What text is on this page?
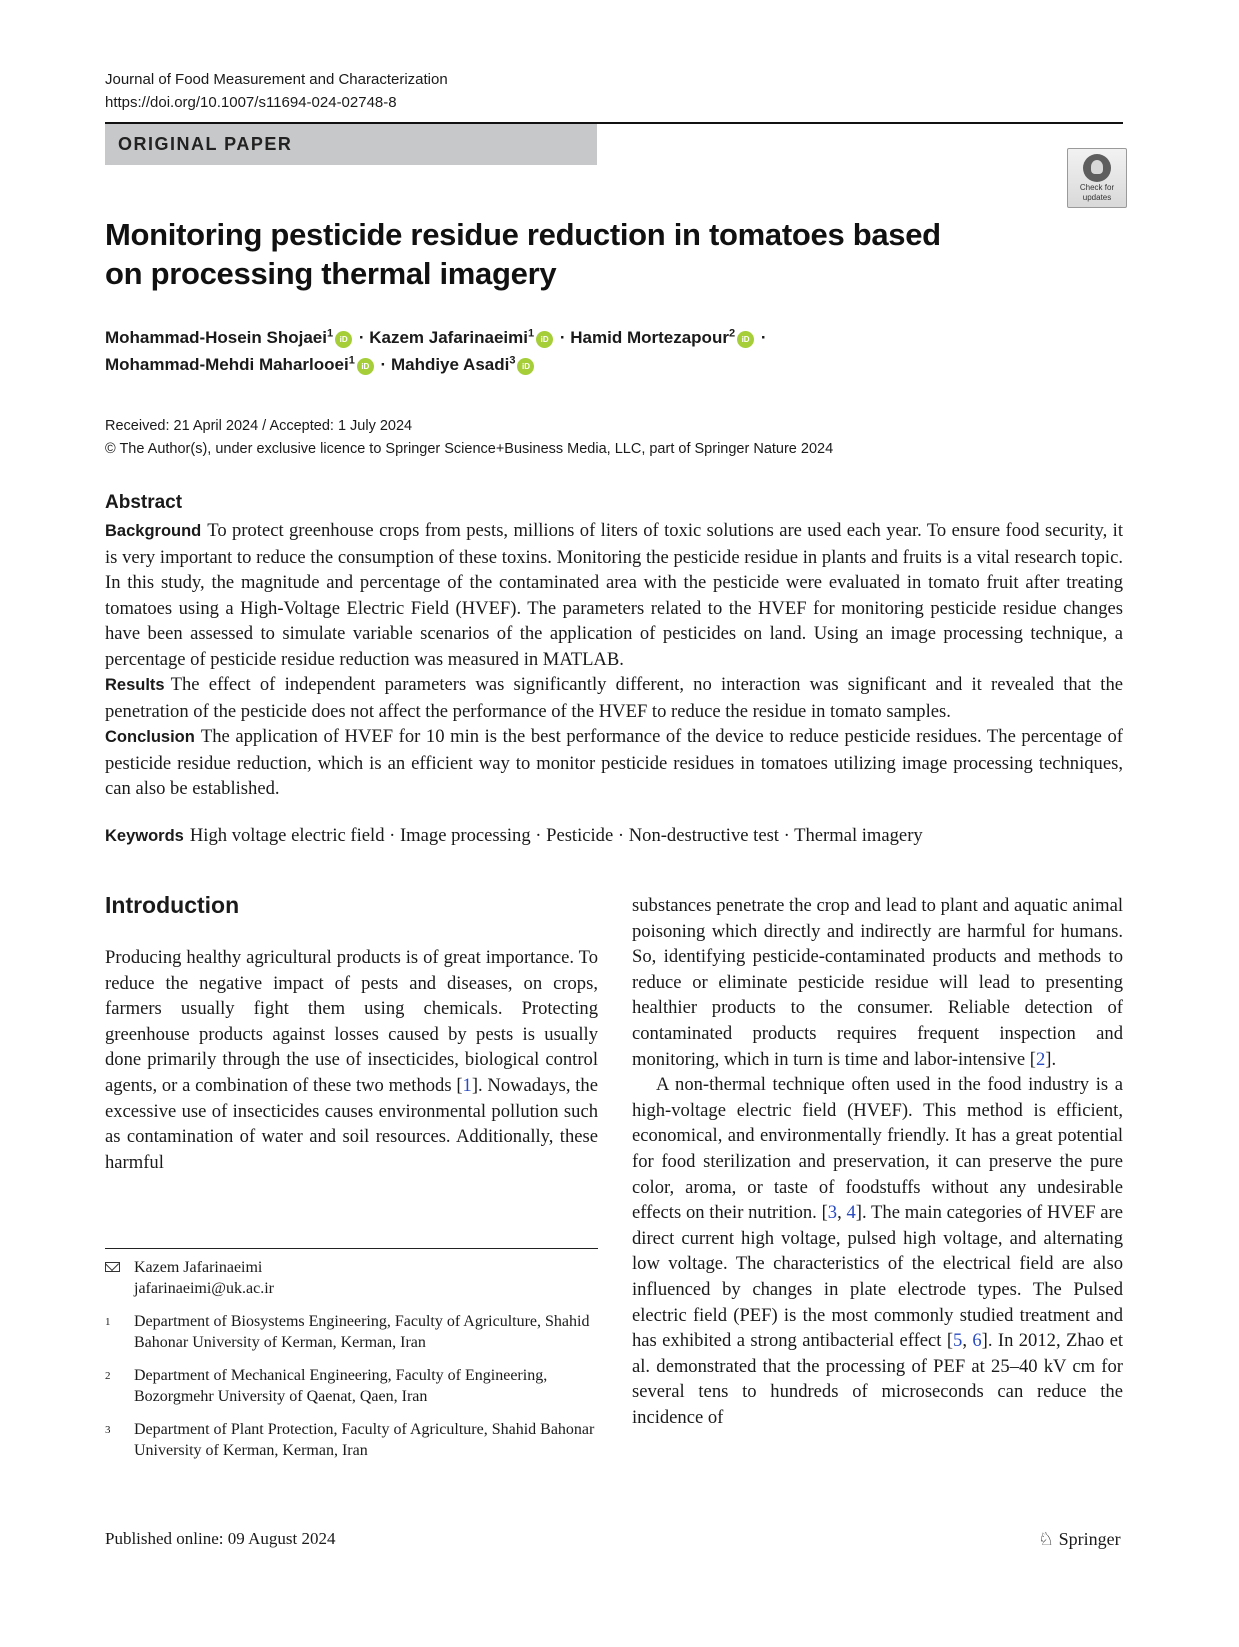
Journal of Food Measurement and Characterization
https://doi.org/10.1007/s11694-024-02748-8
ORIGINAL PAPER
Check for
updates
Monitoring pesticide residue reduction in tomatoes based on processing thermal imagery
Mohammad-Hosein Shojaei$^1$iD · Kazem Jafarinaeimi$^1$iD · Hamid Mortezapour$^2$iD ·
Mohammad-Mehdi Maharlooei$^1$iD · Mahdiye Asadi$^3$iD
Received: 21 April 2024 / Accepted: 1 July 2024
© The Author(s), under exclusive licence to Springer Science+Business Media, LLC, part of Springer Nature 2024
Abstract

Background To protect greenhouse crops from pests, millions of liters of toxic solutions are used each year. To ensure food security, it is very important to reduce the consumption of these toxins. Monitoring the pesticide residue in plants and fruits is a vital research topic. In this study, the magnitude and percentage of the contaminated area with the pesticide were evaluated in tomato fruit after treating tomatoes using a High-Voltage Electric Field (HVEF). The parameters related to the HVEF for monitoring pesticide residue changes have been assessed to simulate variable scenarios of the application of pesticides on land. Using an image processing technique, a percentage of pesticide residue reduction was measured in MATLAB.

Results The effect of independent parameters was significantly different, no interaction was significant and it revealed that the penetration of the pesticide does not affect the performance of the HVEF to reduce the residue in tomato samples.

Conclusion The application of HVEF for 10 min is the best performance of the device to reduce pesticide residues. The percentage of pesticide residue reduction, which is an efficient way to monitor pesticide residues in tomatoes utilizing image processing techniques, can also be established.

Keywords High voltage electric field · Image processing · Pesticide · Non-destructive test · Thermal imagery
Introduction
Producing healthy agricultural products is of great importance. To reduce the negative impact of pests and diseases, on crops, farmers usually fight them using chemicals. Protecting greenhouse products against losses caused by pests is usually done primarily through the use of insecticides, biological control agents, or a combination of these two methods [1]. Nowadays, the excessive use of insecticides causes environmental pollution such as contamination of water and soil resources. Additionally, these harmful

substances penetrate the crop and lead to plant and aquatic animal poisoning which directly and indirectly are harmful for humans. So, identifying pesticide-contaminated products and methods to reduce or eliminate pesticide residue will lead to presenting healthier products to the consumer. Reliable detection of contaminated products requires frequent inspection and monitoring, which in turn is time and labor-intensive [2].

A non-thermal technique often used in the food industry is a high-voltage electric field (HVEF). This method is efficient, economical, and environmentally friendly. It has a great potential for food sterilization and preservation, it can preserve the pure color, aroma, or taste of foodstuffs without any undesirable effects on their nutrition. [3, 4]. The main categories of HVEF are direct current high voltage, pulsed high voltage, and alternating low voltage. The characteristics of the electrical field are also influenced by changes in plate electrode types. The Pulsed electric field (PEF) is the most commonly studied treatment and has exhibited a strong antibacterial effect [5, 6]. In 2012, Zhao et al. demonstrated that the processing of PEF at 25–40 kV cm for several tens to hundreds of microseconds can reduce the incidence of

Kazem Jafarinaeimi
jafarinaeimi@uk.ac.ir
1 Department of Biosystems Engineering, Faculty of Agriculture, Shahid Bahonar University of Kerman, Kerman, Iran
2 Department of Mechanical Engineering, Faculty of Engineering, Bozorgmehr University of Qaenat, Qaen, Iran
3 Department of Plant Protection, Faculty of Agriculture, Shahid Bahonar University of Kerman, Kerman, Iran
Published online: 09 August 2024	♘ Springer
